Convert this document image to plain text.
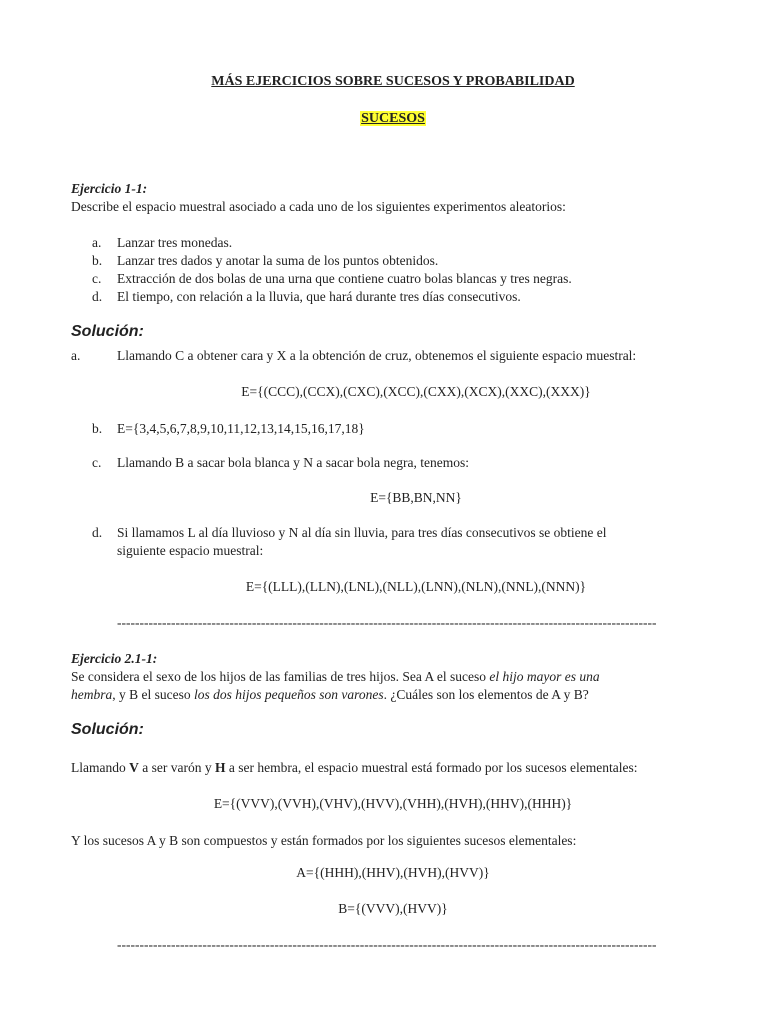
MÁS EJERCICIOS SOBRE SUCESOS Y PROBABILIDAD
SUCESOS
Ejercicio 1-1:
Describe el espacio muestral asociado a cada uno de los siguientes experimentos aleatorios:
a. Lanzar tres monedas.
b. Lanzar tres dados y anotar la suma de los puntos obtenidos.
c. Extracción de dos bolas de una urna que contiene cuatro bolas blancas y tres negras.
d. El tiempo, con relación a la lluvia, que hará durante tres días consecutivos.
Solución:
a.	Llamando C a obtener cara y X a la obtención de cruz, obtenemos el siguiente espacio muestral:
E={(CCC),(CCX),(CXC),(XCC),(CXX),(XCX),(XXC),(XXX)}
b. E={3,4,5,6,7,8,9,10,11,12,13,14,15,16,17,18}
c. Llamando B a sacar bola blanca y N a sacar bola negra, tenemos:
E={BB,BN,NN}
d. Si llamamos L al día lluvioso y N al día sin lluvia, para tres días consecutivos se obtiene el
siguiente espacio muestral:
E={(LLL),(LLN),(LNL),(NLL),(LNN),(NLN),(NNL),(NNN)}
------------------------------------------------------------------------------------------------------------------------
Ejercicio 2.1-1:
Se considera el sexo de los hijos de las familias de tres hijos. Sea A el suceso el hijo mayor es una
hembra, y B el suceso los dos hijos pequeños son varones. ¿Cuáles son los elementos de A y B?
Solución:
Llamando V a ser varón y H a ser hembra, el espacio muestral está formado por los sucesos elementales:
E={(VVV),(VVH),(VHV),(HVV),(VHH),(HVH),(HHV),(HHH)}
Y los sucesos A y B son compuestos y están formados por los siguientes sucesos elementales:
A={(HHH),(HHV),(HVH),(HVV)}
B={(VVV),(HVV)}
------------------------------------------------------------------------------------------------------------------------
